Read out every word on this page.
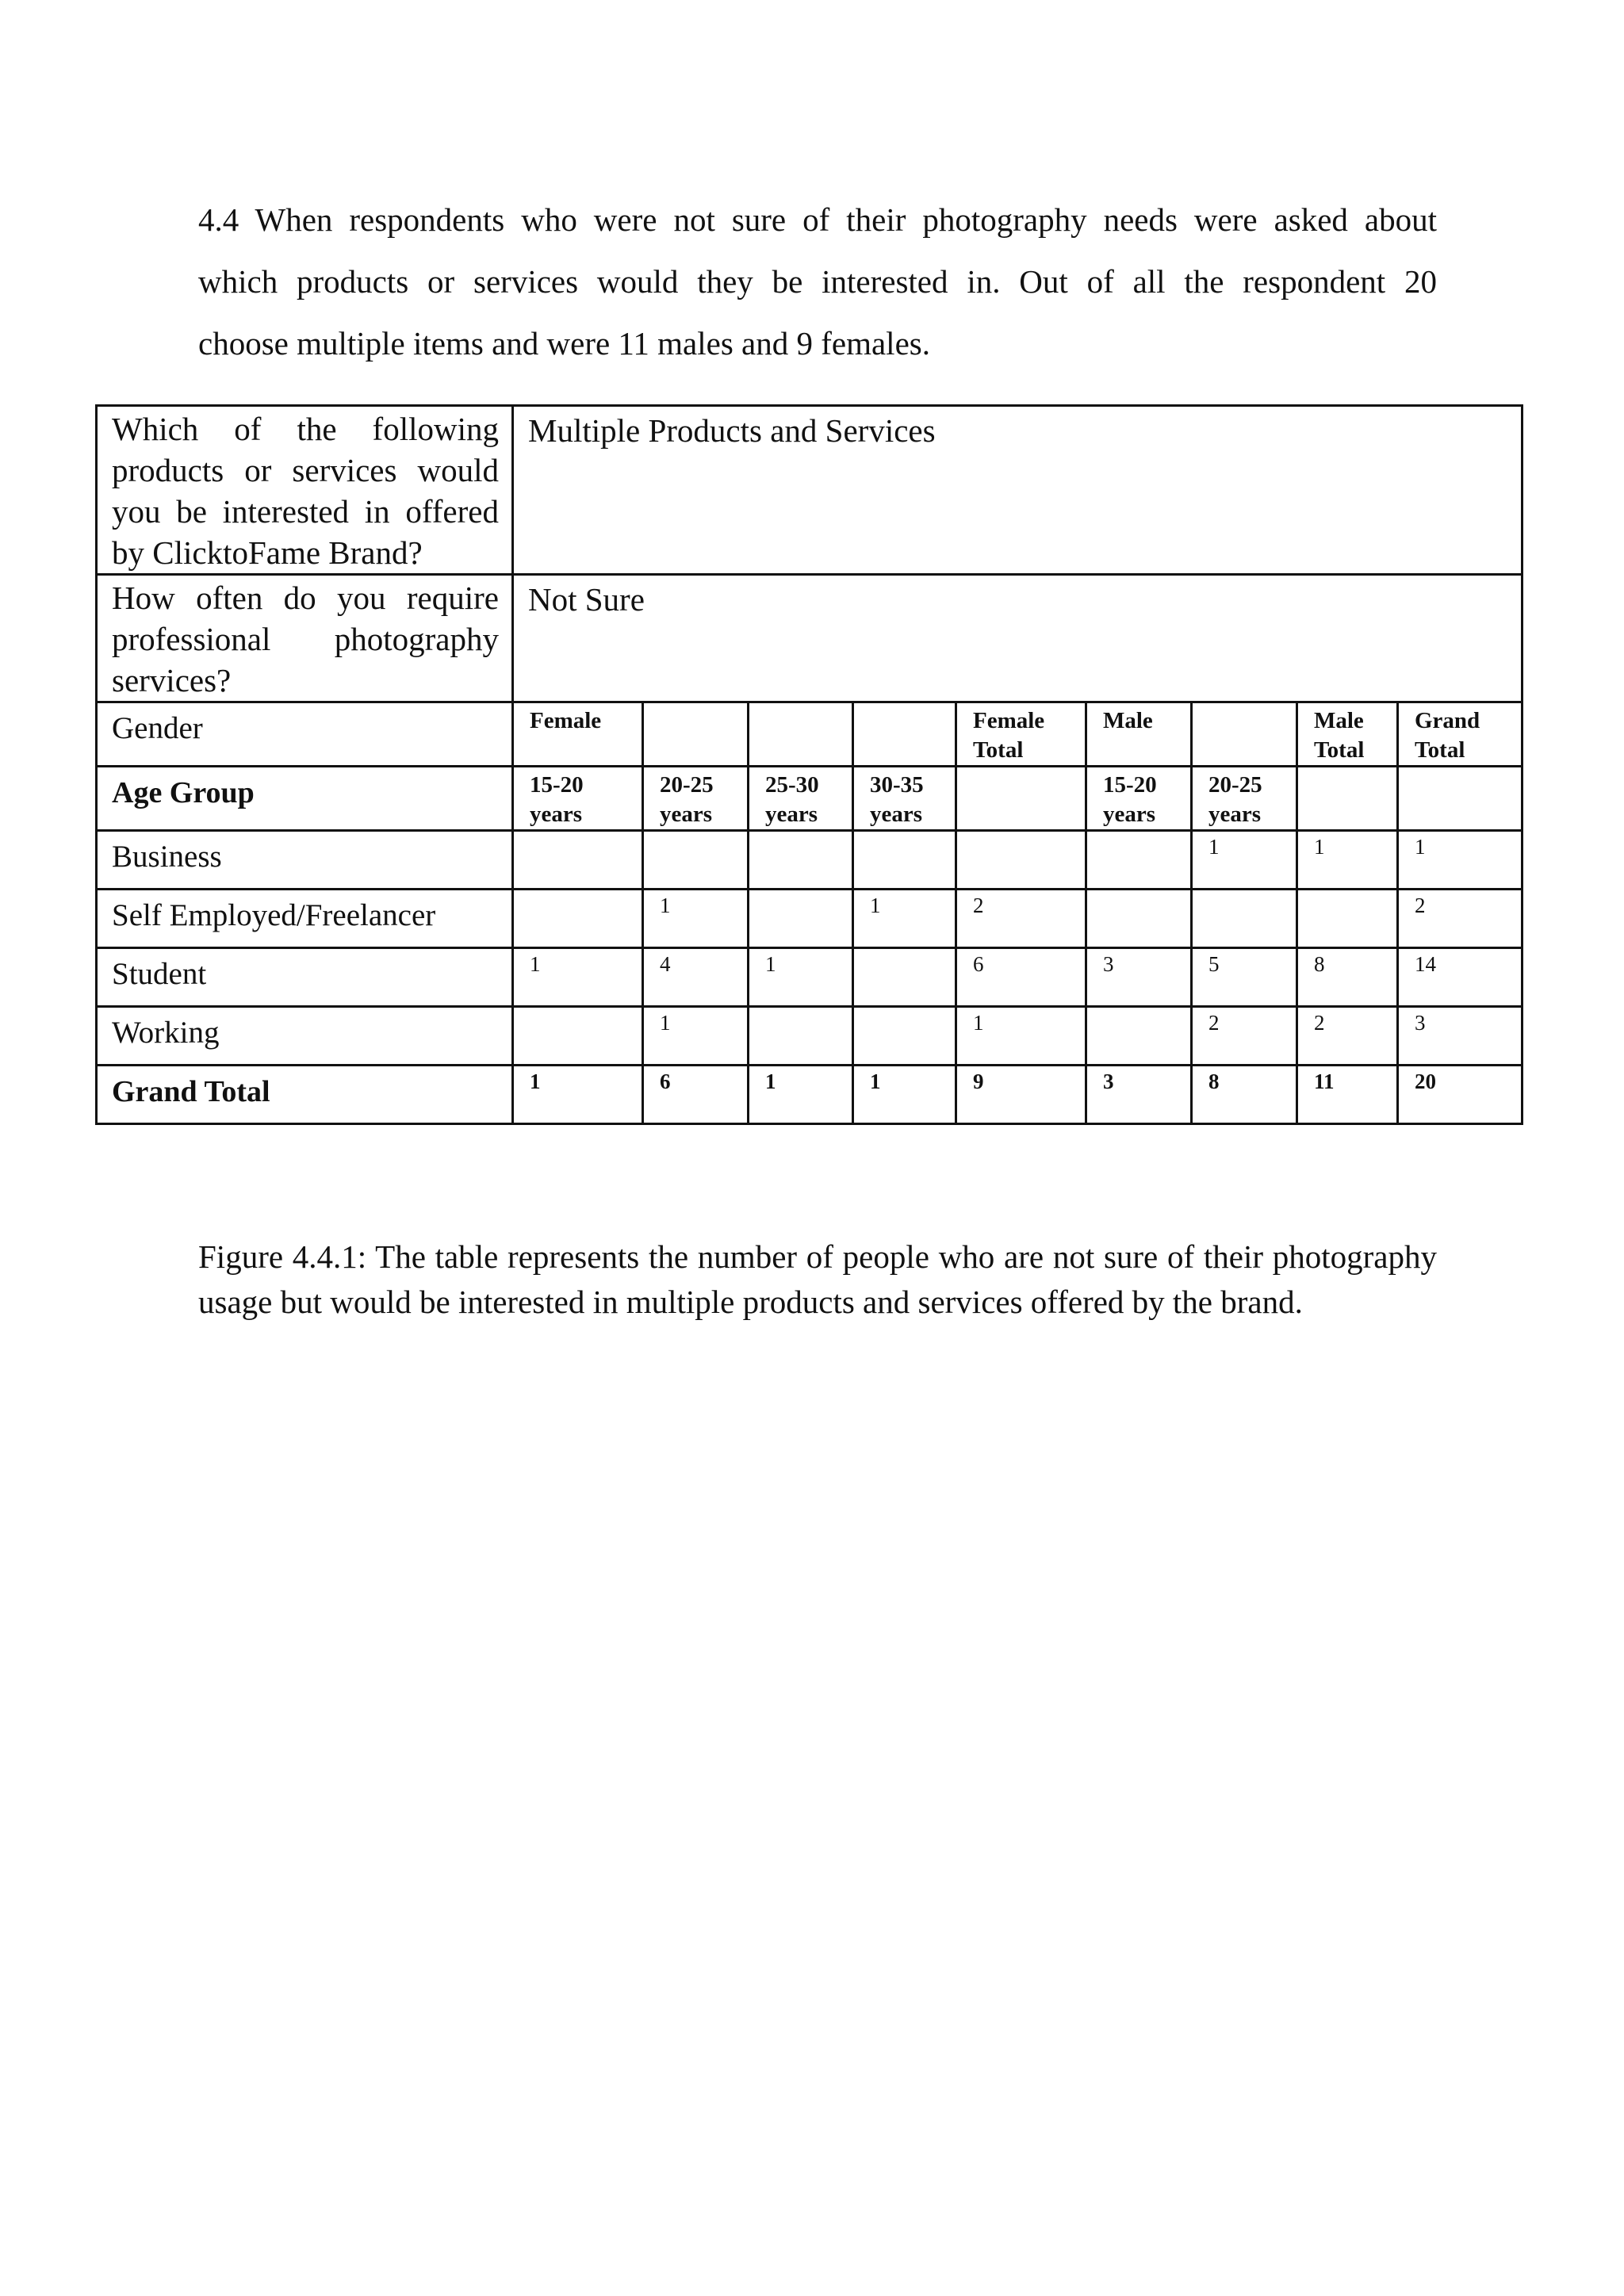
4.4 When respondents who were not sure of their photography needs were asked about
which products or services would they be interested in. Out of all the respondent 20
choose multiple items and were 11 males and 9 females.
Which of the following products or services would you be interested in offered by ClicktoFame Brand?	Multiple Products and Services								
How often do you require professional photography services?	Not Sure								
Gender	Female				Female Total	Male		Male Total	Grand Total
Age Group	15-20 years	20-25 years	25-30 years	30-35 years		15-20 years	20-25 years		
Business							1	1	1
Self Employed/Freelancer		1		1	2				2
Student	1	4	1		6	3	5	8	14
Working		1			1		2	2	3
Grand Total	1	6	1	1	9	3	8	11	20
Figure 4.4.1: The table represents the number of people who are not sure of their photography usage but would be interested in multiple products and services offered by the brand.
